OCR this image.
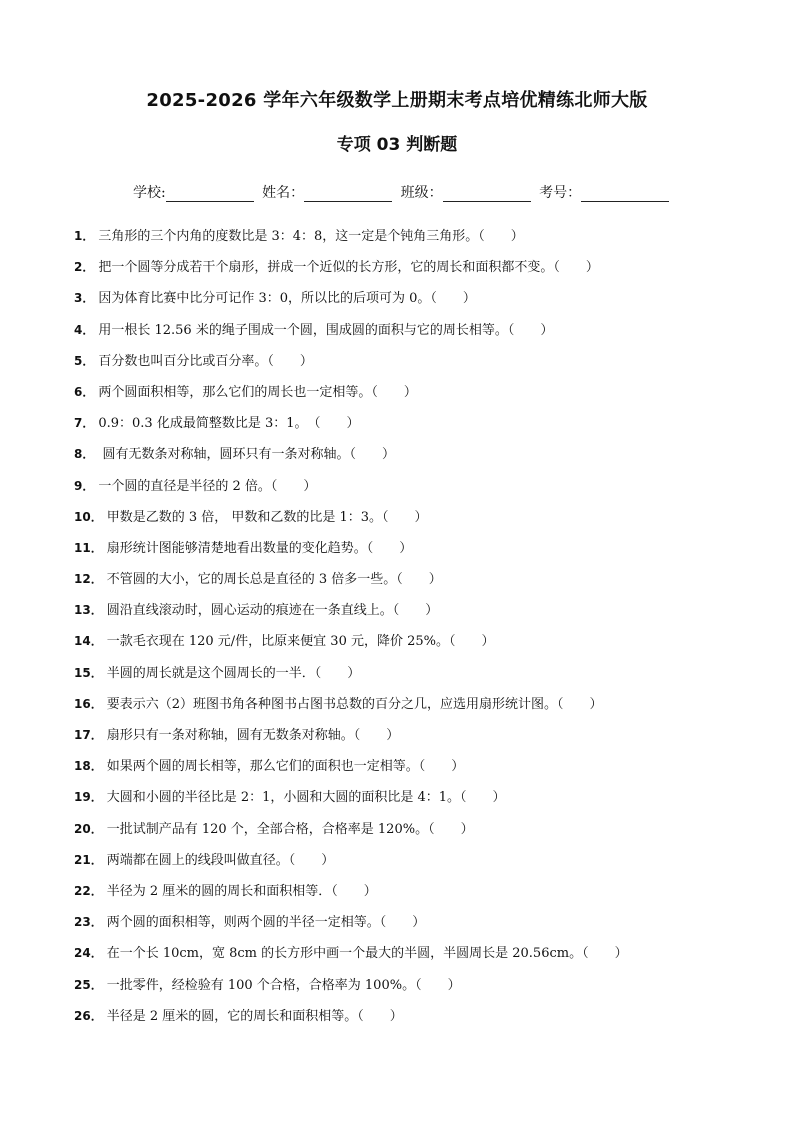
2025-2026 学年六年级数学上册期末考点培优精练北师大版
专项 03 判断题
学校:	姓名：	班级：	考号：
1． 三角形的三个内角的度数比是 3：4：8，这一定是个钝角三角形。（　　）
2． 把一个圆等分成若干个扇形，拼成一个近似的长方形，它的周长和面积都不变。（　　）
3． 因为体育比赛中比分可记作 3：0，所以比的后项可为 0。（　　）
4． 用一根长 12.56 米的绳子围成一个圆，围成圆的面积与它的周长相等。（　　）
5． 百分数也叫百分比或百分率。（　　）
6． 两个圆面积相等，那么它们的周长也一定相等。（　　）
7． 0.9：0.3 化成最简整数比是 3：1。　（　　）
8． 圆有无数条对称轴，圆环只有一条对称轴。（　　）
9． 一个圆的直径是半径的 2 倍。（　　）
10． 甲数是乙数的 3 倍， 甲数和乙数的比是 1：3。（　　）
11． 扇形统计图能够清楚地看出数量的变化趋势。（　　）
12． 不管圆的大小，它的周长总是直径的 3 倍多一些。（　　）
13． 圆沿直线滚动时，圆心运动的痕迹在一条直线上。（　　）
14． 一款毛衣现在 120 元/件，比原来便宜 30 元，降价 25%。（　　）
15． 半圆的周长就是这个圆周长的一半．（　　）
16． 要表示六（2）班图书角各种图书占图书总数的百分之几，应选用扇形统计图。（　　）
17． 扇形只有一条对称轴，圆有无数条对称轴。（　　）
18． 如果两个圆的周长相等，那么它们的面积也一定相等。（　　）
19． 大圆和小圆的半径比是 2：1，小圆和大圆的面积比是 4：1。（　　）
20． 一批试制产品有 120 个，全部合格，合格率是 120%。（　　）
21． 两端都在圆上的线段叫做直径。（　　）
22． 半径为 2 厘米的圆的周长和面积相等．（　　）
23． 两个圆的面积相等，则两个圆的半径一定相等。（　　）
24． 在一个长 10cm，宽 8cm 的长方形中画一个最大的半圆，半圆周长是 20.56cm。（　　）
25． 一批零件，经检验有 100 个合格，合格率为 100%。（　　）
26． 半径是 2 厘米的圆，它的周长和面积相等。（　　）
